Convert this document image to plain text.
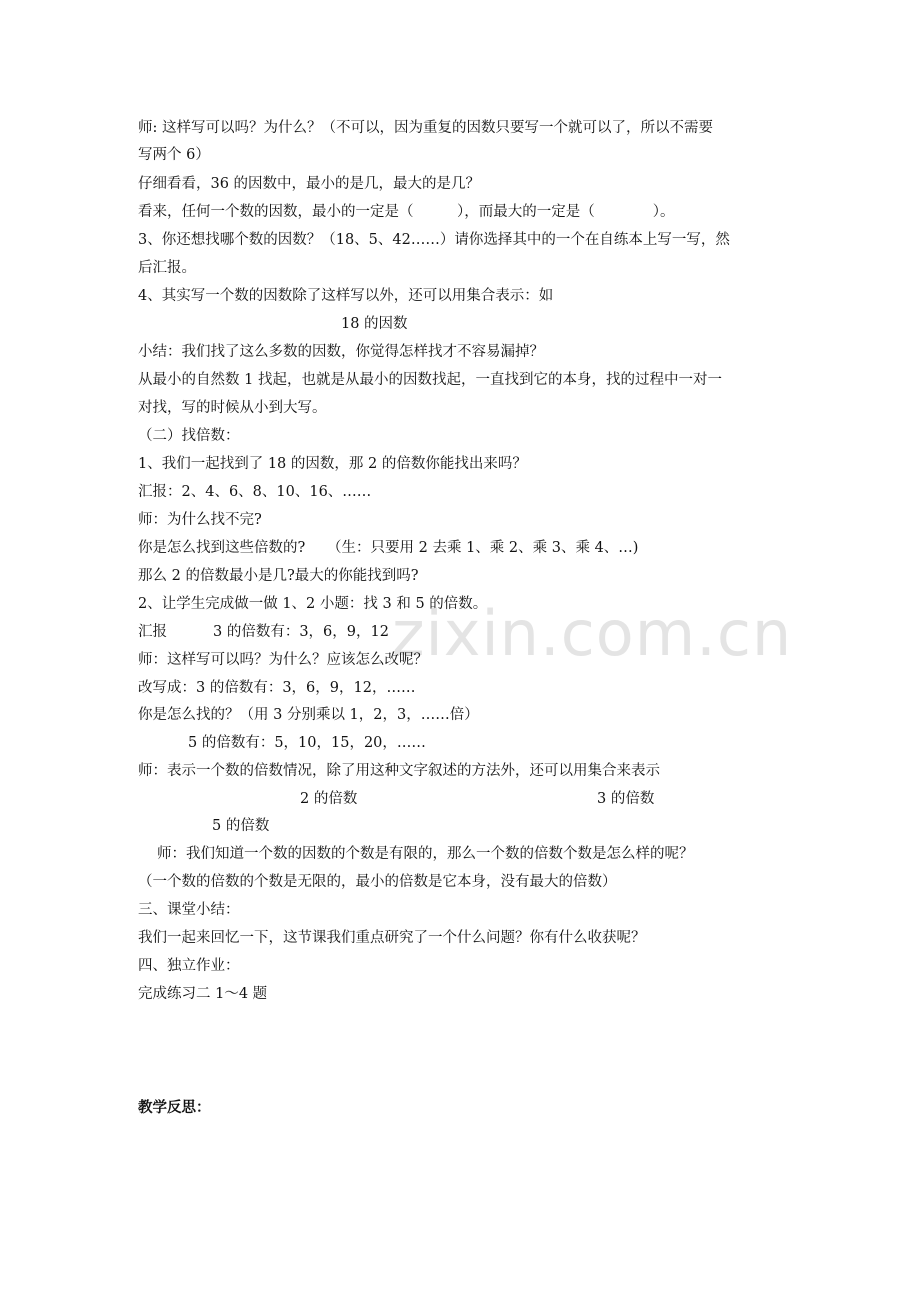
zixin.com.cn
师: 这样写可以吗？为什么？（不可以，因为重复的因数只要写一个就可以了，所以不需要
写两个 6）
仔细看看，36 的因数中，最小的是几，最大的是几？
看来，任何一个数的因数，最小的一定是（　　　），而最大的一定是（　　　　）。
3、你还想找哪个数的因数？（18、5、42……）请你选择其中的一个在自练本上写一写，然
后汇报。
4、其实写一个数的因数除了这样写以外，还可以用集合表示：如
18 的因数
小结：我们找了这么多数的因数，你觉得怎样找才不容易漏掉？
从最小的自然数 1 找起，也就是从最小的因数找起，一直找到它的本身，找的过程中一对一
对找，写的时候从小到大写。
（二）找倍数：
1、我们一起找到了 18 的因数，那 2 的倍数你能找出来吗？
汇报：2、4、6、8、10、16、……
师：为什么找不完?
你是怎么找到这些倍数的?　　（生：只要用 2 去乘 1、乘 2、乘 3、乘 4、…)
那么 2 的倍数最小是几?最大的你能找到吗?
2、让学生完成做一做 1、2 小题：找 3 和 5 的倍数。
汇报	3 的倍数有：3，6，9，12
师：这样写可以吗？为什么？应该怎么改呢？
改写成：3 的倍数有：3，6，9，12，……
你是怎么找的？（用 3 分别乘以 1，2，3，……倍）
5 的倍数有：5，10，15，20，……
师：表示一个数的倍数情况，除了用这种文字叙述的方法外，还可以用集合来表示
2 的倍数	3 的倍数
5 的倍数
师：我们知道一个数的因数的个数是有限的，那么一个数的倍数个数是怎么样的呢？
（一个数的倍数的个数是无限的，最小的倍数是它本身，没有最大的倍数）
三、课堂小结：
我们一起来回忆一下，这节课我们重点研究了一个什么问题？你有什么收获呢？
四、独立作业：
完成练习二 1～4 题
教学反思：
